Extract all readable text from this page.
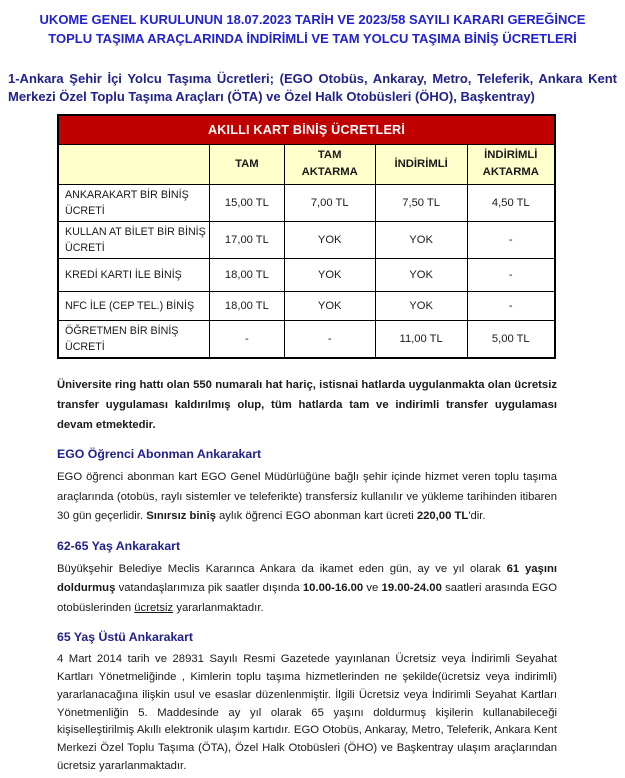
UKOME GENEL KURULUNUN 18.07.2023 TARİH VE 2023/58 SAYILI KARARI GEREĞİNCE TOPLU TAŞIMA ARAÇLARINDA İNDİRİMLİ VE TAM YOLCU TAŞIMA BİNİŞ ÜCRETLERİ
1-Ankara Şehir İçi Yolcu Taşıma Ücretleri; (EGO Otobüs, Ankaray, Metro, Teleferik, Ankara Kent Merkezi Özel Toplu Taşıma Araçları (ÖTA) ve Özel Halk Otobüsleri (ÖHO), Başkentray)
AKILLI KART BİNİŞ ÜCRETLERİ				
	TAM	TAM AKTARMA	İNDİRİMLİ	İNDİRİMLİ AKTARMA
ANKARAKART BİR BİNİŞ ÜCRETİ	15,00 TL	7,00 TL	7,50 TL	4,50 TL
KULLAN AT BİLET BİR BİNİŞ ÜCRETİ	17,00 TL	YOK	YOK	-
KREDİ KARTI İLE BİNİŞ	18,00 TL	YOK	YOK	-
NFC İLE (CEP TEL.) BİNİŞ	18,00 TL	YOK	YOK	-
ÖĞRETMEN BİR BİNİŞ ÜCRETİ	-	-	11,00 TL	5,00 TL

Üniversite ring hattı olan 550 numaralı hat hariç, istisnai hatlarda uygulanmakta olan ücretsiz transfer uygulaması kaldırılmış olup, tüm hatlarda tam ve indirimli transfer uygulaması devam etmektedir.

EGO Öğrenci Abonman Ankarakart

EGO öğrenci abonman kart EGO Genel Müdürlüğüne bağlı şehir içinde hizmet veren toplu taşıma araçlarında (otobüs, raylı sistemler ve teleferikte) transfersiz kullanılır ve yükleme tarihinden itibaren 30 gün geçerlidir. Sınırsız biniş aylık öğrenci EGO abonman kart ücreti 220,00 TL'dir.

62-65 Yaş Ankarakart

Büyükşehir Belediye Meclis Kararınca Ankara da ikamet eden gün, ay ve yıl olarak 61 yaşını doldurmuş vatandaşlarımıza pik saatler dışında 10.00-16.00 ve 19.00-24.00 saatleri arasında EGO otobüslerinden ücretsiz yararlanmaktadır.

65 Yaş Üstü Ankarakart

4 Mart 2014 tarih ve 28931 Sayılı Resmi Gazetede yayınlanan Ücretsiz veya İndirimli Seyahat Kartları Yönetmeliğinde , Kimlerin toplu taşıma hizmetlerinden ne şekilde(ücretsiz veya indirimli) yararlanacağına ilişkin usul ve esaslar düzenlenmiştir. İlgili Ücretsiz veya İndirimli Seyahat Kartları Yönetmenliğin 5. Maddesinde ay yıl olarak 65 yaşını doldurmuş kişilerin kullanabileceği kişiselleştirilmiş Akıllı elektronik ulaşım kartıdır. EGO Otobüs, Ankaray, Metro, Teleferik, Ankara Kent Merkezi Özel Toplu Taşıma (ÖTA), Özel Halk Otobüsleri (ÖHO) ve Başkentray ulaşım araçlarından ücretsiz yararlanmaktadır.
